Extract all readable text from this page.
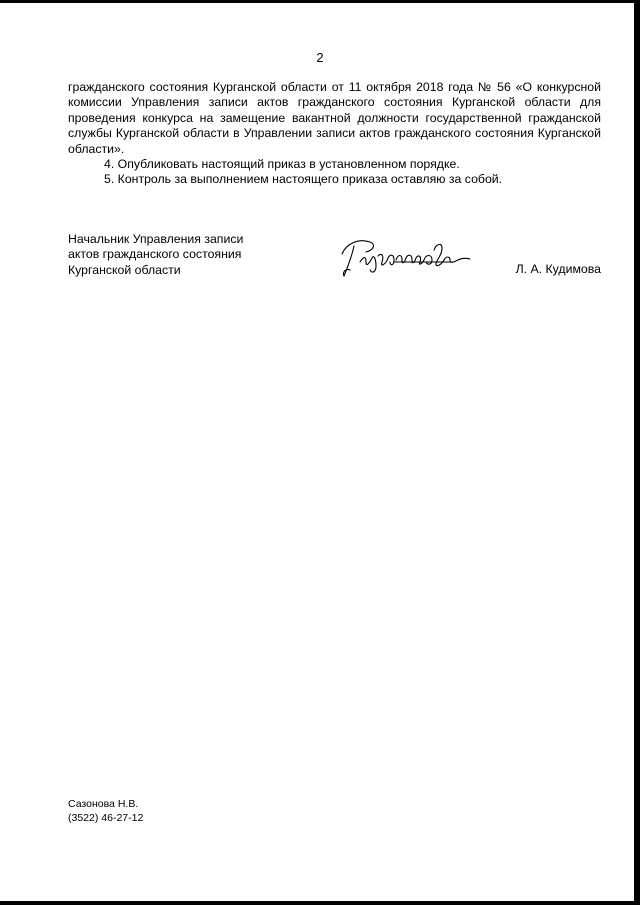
2

гражданского состояния Курганской области от 11 октября 2018 года № 56 «О конкурсной комиссии Управления записи актов гражданского состояния Курганской области для проведения конкурса на замещение вакантной должности государственной гражданской службы Курганской области в Управлении записи актов гражданского состояния Курганской области».

4. Опубликовать настоящий приказ в установленном порядке.

5. Контроль за выполнением настоящего приказа оставляю за собой.

Начальник Управления записи
актов гражданского состояния
Курганской области	Л. А. Кудимова
Сазонова Н.В.
(3522) 46-27-12
